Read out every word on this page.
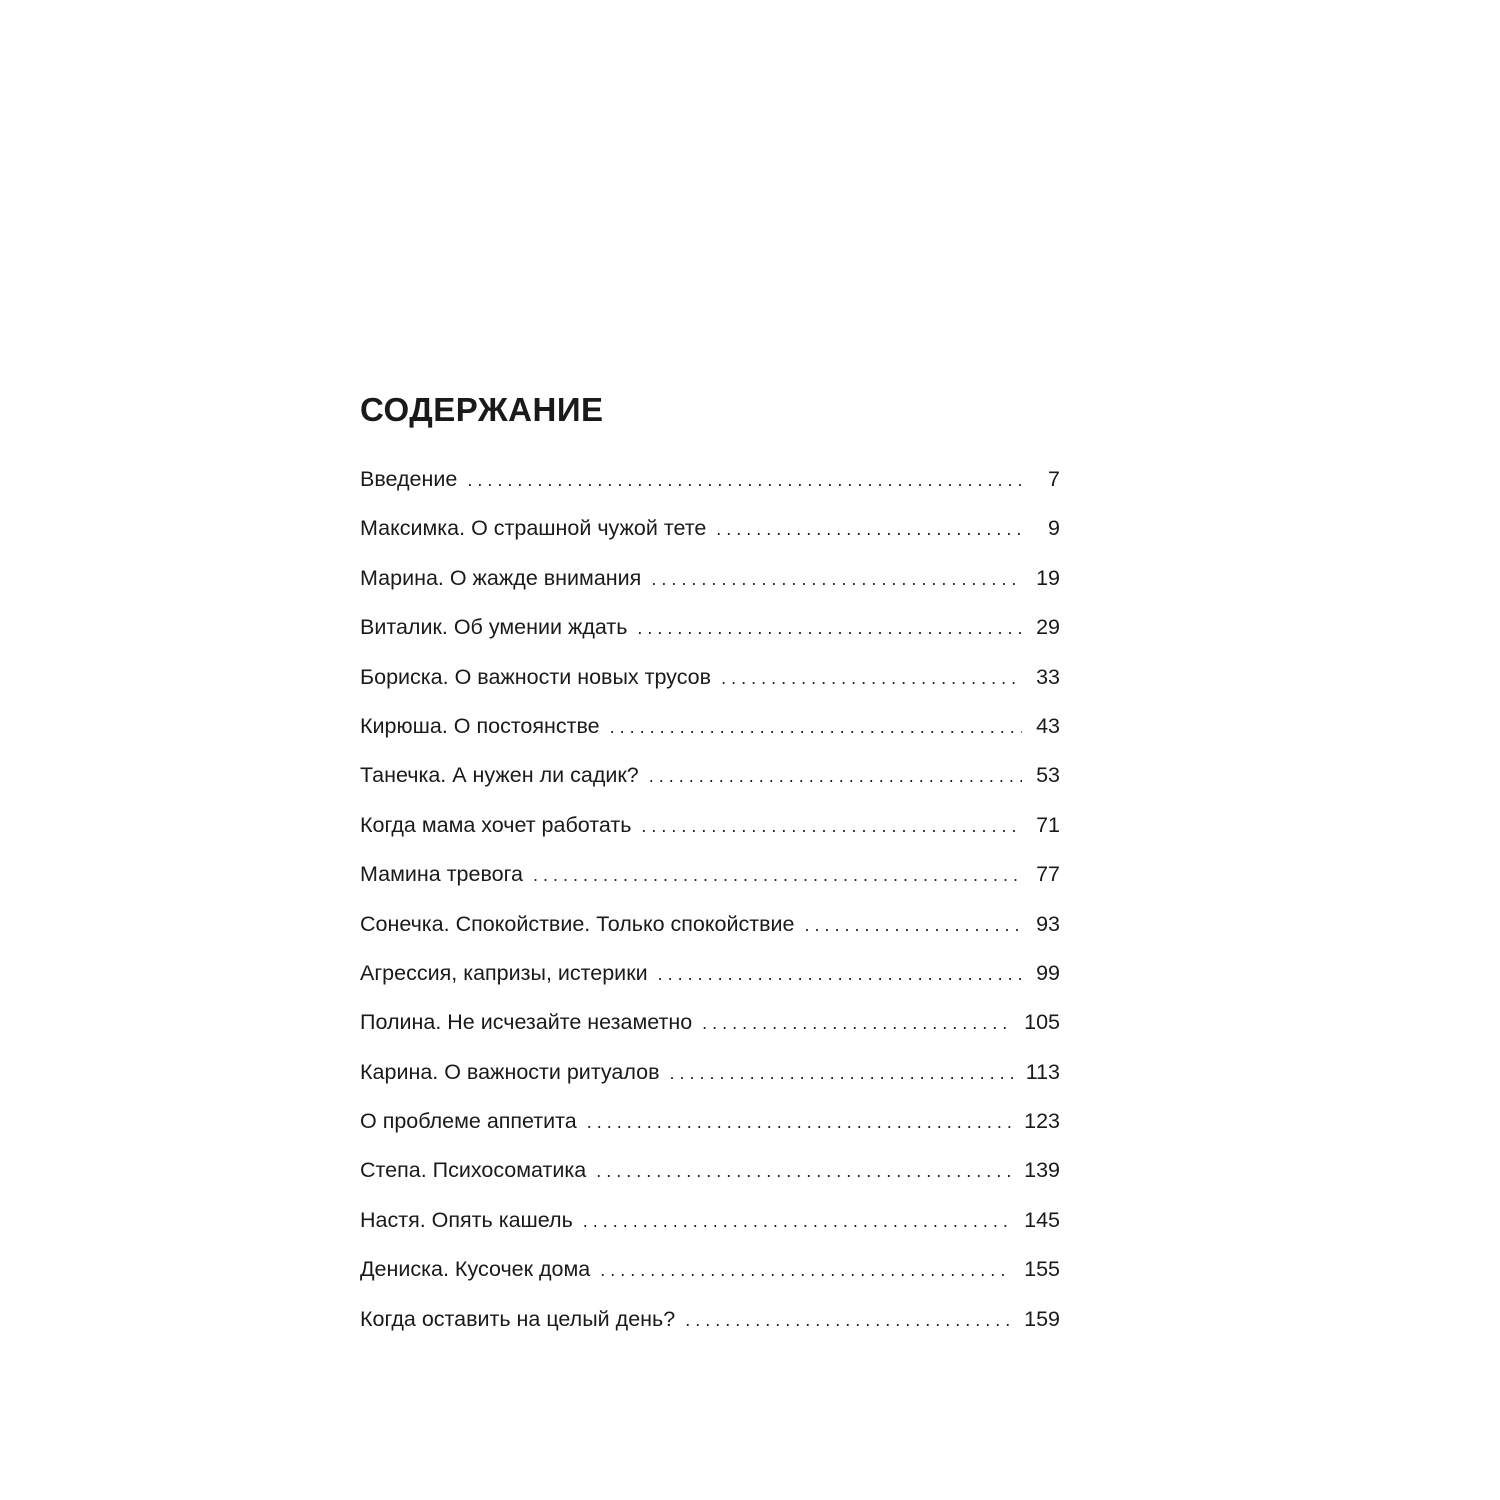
СОДЕРЖАНИЕ
Введение . . .	7
Максимка. О страшной чужой тете . . .	9
Марина. О жажде внимания . . .	19
Виталик. Об умении ждать . . .	29
Бориска. О важности новых трусов . . .	33
Кирюша. О постоянстве . . .	43
Танечка. А нужен ли садик? . . .	53
Когда мама хочет работать . . .	71
Мамина тревога . . .	77
Сонечка. Спокойствие. Только спокойствие . . .	93
Агрессия, капризы, истерики . . .	99
Полина. Не исчезайте незаметно . . .	105
Карина. О важности ритуалов . . .	113
О проблеме аппетита . . .	123
Степа. Психосоматика . . .	139
Настя. Опять кашель . . .	145
Дениска. Кусочек дома . . .	155
Когда оставить на целый день? . . .	159
